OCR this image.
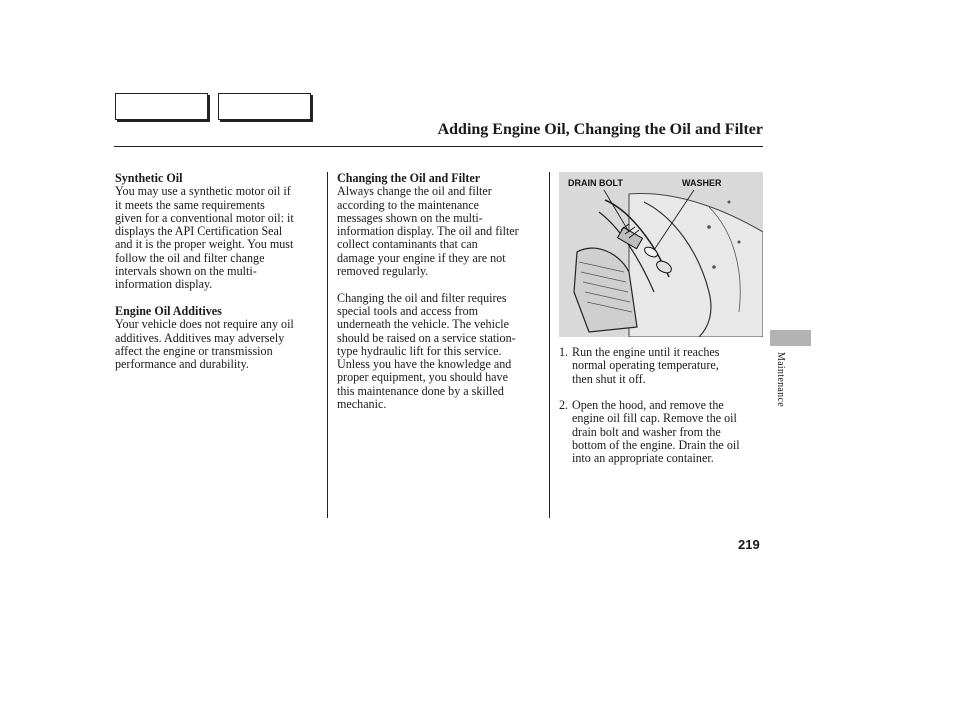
Adding Engine Oil, Changing the Oil and Filter
Synthetic Oil

You may use a synthetic motor oil if
it meets the same requirements
given for a conventional motor oil: it
displays the API Certification Seal
and it is the proper weight. You must
follow the oil and filter change
intervals shown on the multi-
information display.

Engine Oil Additives

Your vehicle does not require any oil
additives. Additives may adversely
affect the engine or transmission
performance and durability.

Changing the Oil and Filter

Always change the oil and filter
according to the maintenance
messages shown on the multi-
information display. The oil and filter
collect contaminants that can
damage your engine if they are not
removed regularly.

Changing the oil and filter requires
special tools and access from
underneath the vehicle. The vehicle
should be raised on a service station-
type hydraulic lift for this service.
Unless you have the knowledge and
proper equipment, you should have
this maintenance done by a skilled
mechanic.

DRAIN BOLT	WASHER
1. Run the engine until it reaches
normal operating temperature,
then shut it off.
2. Open the hood, and remove the
engine oil fill cap. Remove the oil
drain bolt and washer from the
bottom of the engine. Drain the oil
into an appropriate container.
Maintenance
219
